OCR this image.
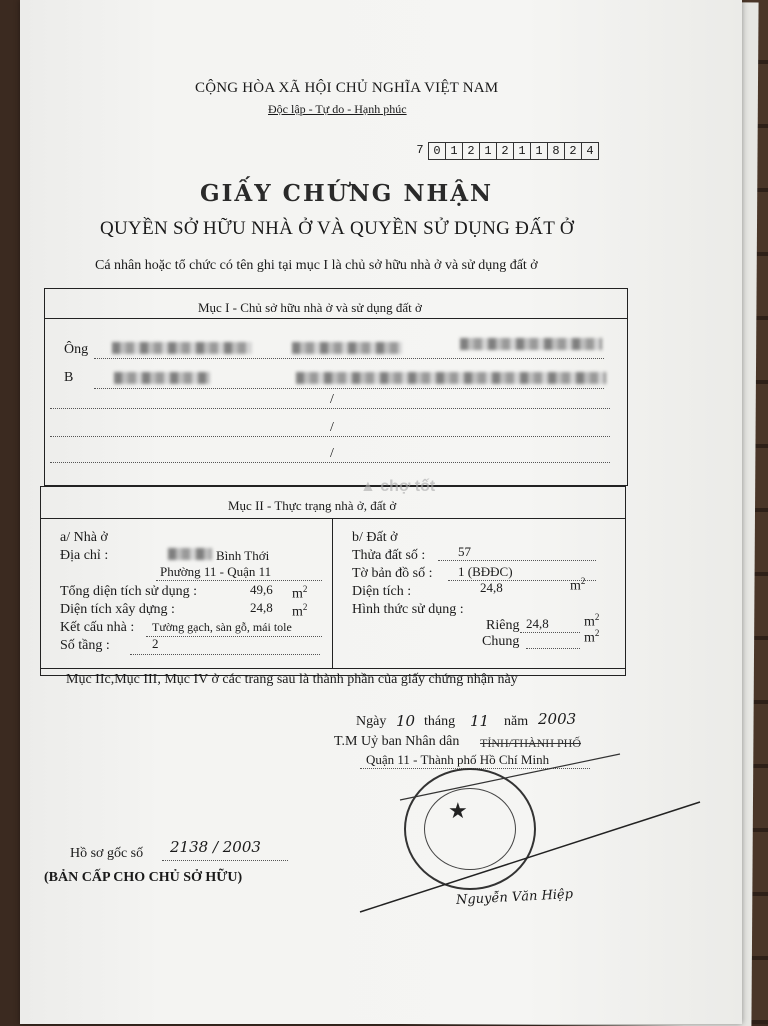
CỘNG HÒA XÃ HỘI CHỦ NGHĨA VIỆT NAM
Độc lập - Tự do - Hạnh phúc
7 0 1 2 1 2 1 1 8 2 4
GIẤY CHỨNG NHẬN
QUYỀN SỞ HỮU NHÀ Ở VÀ QUYỀN SỬ DỤNG ĐẤT Ở
Cá nhân hoặc tổ chức có tên ghi tại mục I là chủ sở hữu nhà ở và sử dụng đất ở
Mục I - Chủ sở hữu nhà ở và sử dụng đất ở
Ông
B
/
/
/
Mục II - Thực trạng nhà ở, đất ở
▲ chợ tốt
a/ Nhà ở
Địa chỉ :	Bình Thới
Phường 11 - Quận 11
Tổng diện tích sử dụng :	49,6 $m^2$
Diện tích xây dựng :	24,8 $m^2$
Kết cấu nhà : Tường gạch, sàn gỗ, mái tole
Số tầng :	2
b/ Đất ở
Thửa đất số :	57
Tờ bản đồ số : 1 (BĐĐC)
Diện tích :	24,8	$m^2$
Hình thức sử dụng :
Riêng 24,8	$m^2$
Chung	$m^2$
Mục IIc,Mục III, Mục IV ở các trang sau là thành phần của giấy chứng nhận này
Ngày 10 tháng 11 năm 2003
T.M Uỷ ban Nhân dân TỈNH/THÀNH PHỐ
Quận 11 - Thành phố Hồ Chí Minh
★
Nguyễn Văn Hiệp
Hồ sơ gốc số 2138 / 2003
(BẢN CẤP CHO CHỦ SỞ HỮU)
